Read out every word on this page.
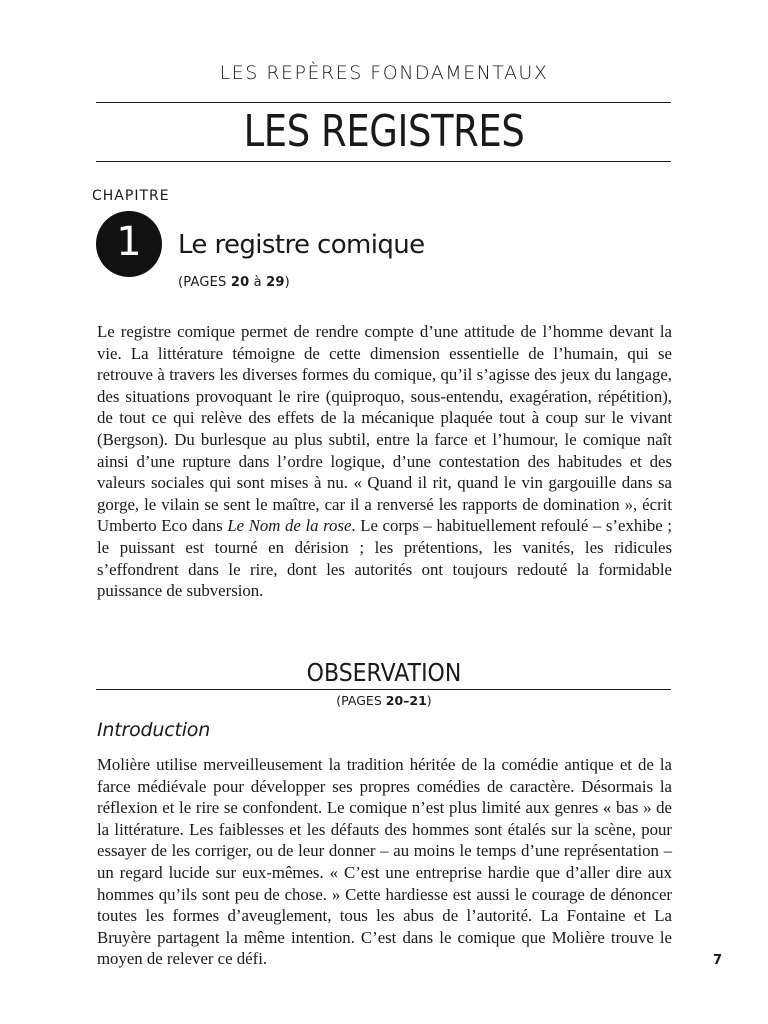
LES REPÈRES FONDAMENTAUX
LES REGISTRES
CHAPITRE
1	Le registre comique
(PAGES 20 à 29)
Le registre comique permet de rendre compte d’une attitude de l’homme devant la vie. La littérature témoigne de cette dimension essentielle de l’humain, qui se retrouve à travers les diverses formes du comique, qu’il s’agisse des jeux du langage, des situations provoquant le rire (quiproquo, sous-entendu, exagération, répétition), de tout ce qui relève des effets de la mécanique plaquée tout à coup sur le vivant (Bergson). Du burlesque au plus subtil, entre la farce et l’humour, le comique naît ainsi d’une rupture dans l’ordre logique, d’une contestation des habitudes et des valeurs sociales qui sont mises à nu. « Quand il rit, quand le vin gargouille dans sa gorge, le vilain se sent le maître, car il a renversé les rapports de domination », écrit Umberto Eco dans Le Nom de la rose. Le corps – habituellement refoulé – s’exhibe ; le puissant est tourné en dérision ; les prétentions, les vanités, les ridicules s’effondrent dans le rire, dont les autorités ont toujours redouté la formidable puissance de subversion.
OBSERVATION
(PAGES 20–21)
Introduction
Molière utilise merveilleusement la tradition héritée de la comédie antique et de la farce médiévale pour développer ses propres comédies de caractère. Désormais la réflexion et le rire se confondent. Le comique n’est plus limité aux genres « bas » de la littérature. Les faiblesses et les défauts des hommes sont étalés sur la scène, pour essayer de les corriger, ou de leur donner – au moins le temps d’une représentation – un regard lucide sur eux-mêmes. « C’est une entreprise hardie que d’aller dire aux hommes qu’ils sont peu de chose. » Cette hardiesse est aussi le courage de dénoncer toutes les formes d’aveuglement, tous les abus de l’autorité. La Fontaine et La Bruyère partagent la même intention. C’est dans le comique que Molière trouve le moyen de relever ce défi.	7
